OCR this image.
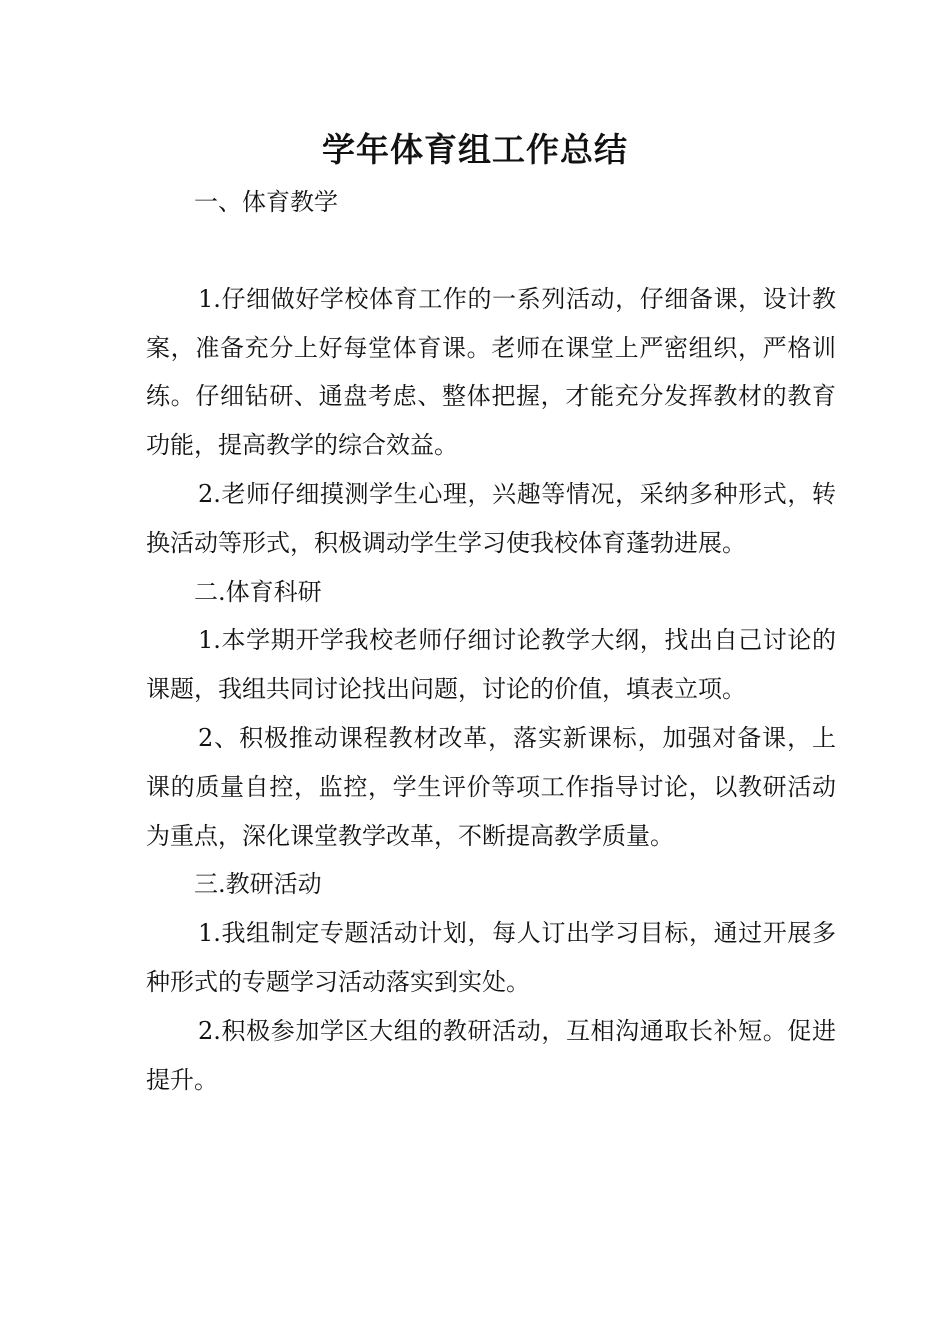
学年体育组工作总结
一、体育教学

1.仔细做好学校体育工作的一系列活动，仔细备课，设计教案，准备充分上好每堂体育课。老师在课堂上严密组织，严格训练。仔细钻研、通盘考虑、整体把握，才能充分发挥教材的教育功能，提高教学的综合效益。

2.老师仔细摸测学生心理，兴趣等情况，采纳多种形式，转换活动等形式，积极调动学生学习使我校体育蓬勃进展。

二.体育科研

1.本学期开学我校老师仔细讨论教学大纲，找出自己讨论的课题，我组共同讨论找出问题，讨论的价值，填表立项。

2、积极推动课程教材改革，落实新课标，加强对备课，上课的质量自控，监控，学生评价等项工作指导讨论，以教研活动为重点，深化课堂教学改革，不断提高教学质量。

三.教研活动

1.我组制定专题活动计划，每人订出学习目标，通过开展多种形式的专题学习活动落实到实处。

2.积极参加学区大组的教研活动，互相沟通取长补短。促进提升。
